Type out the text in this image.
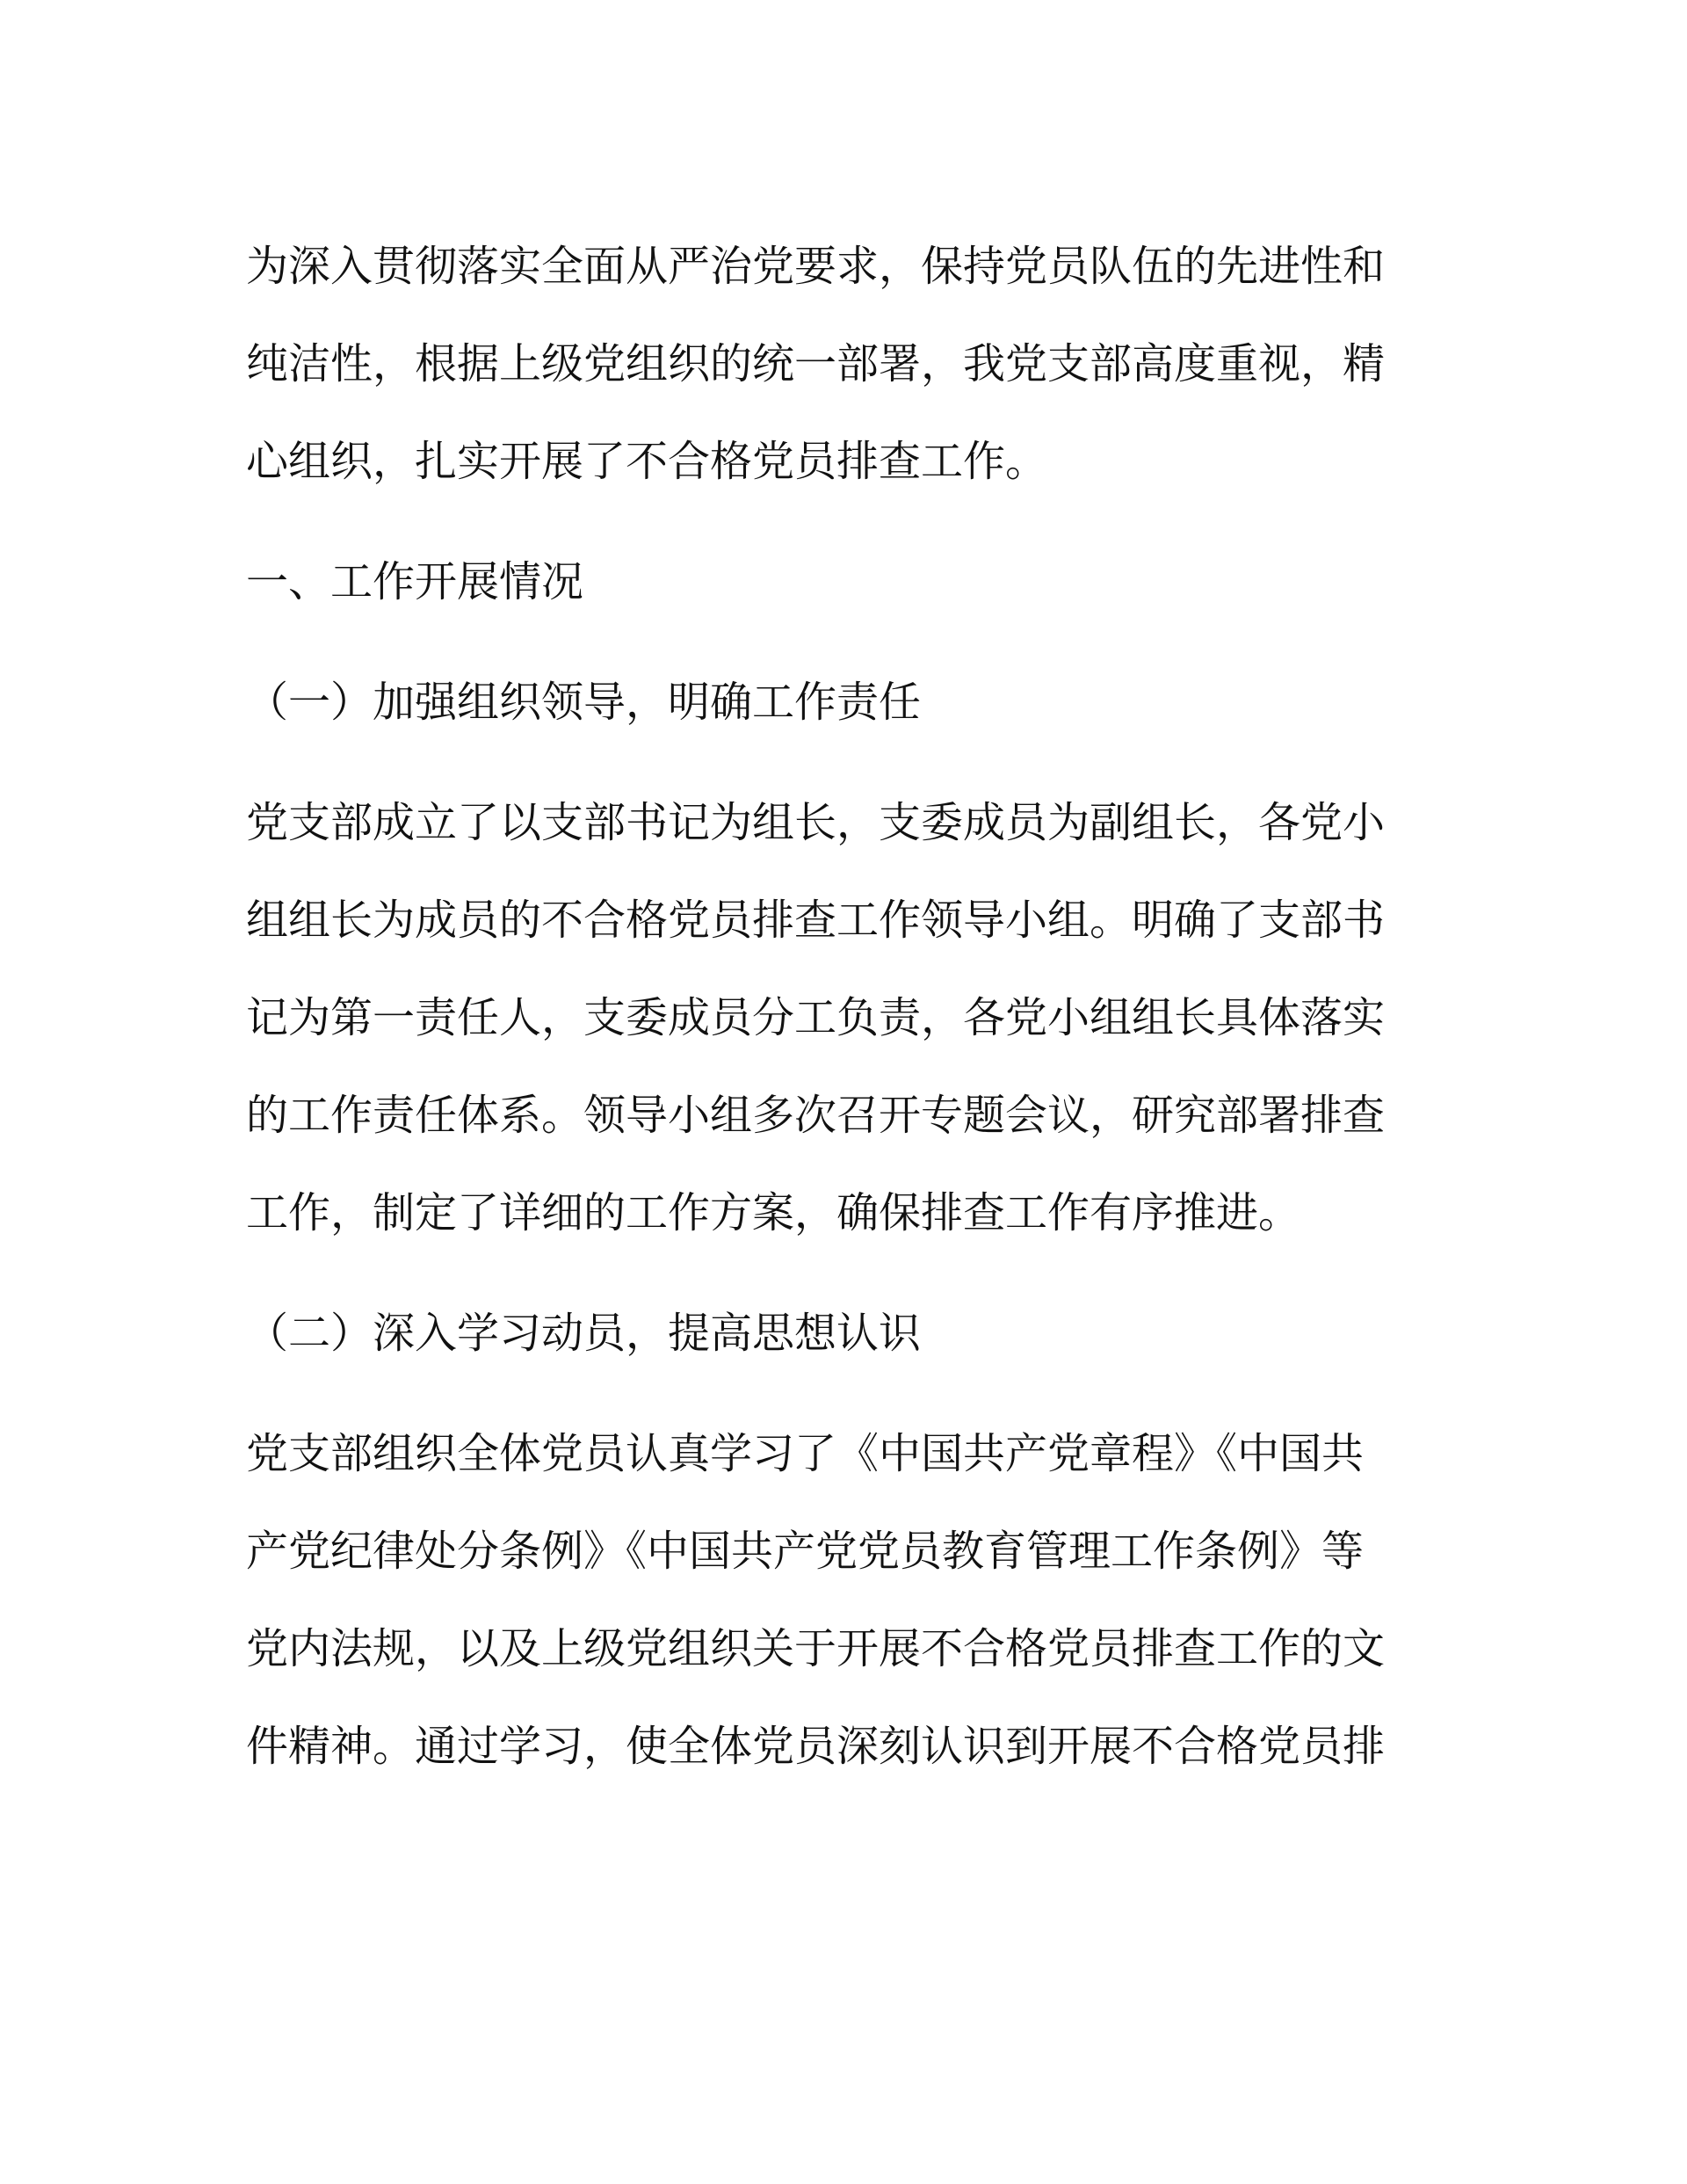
为深入贯彻落实全面从严治党要求，保持党员队伍的先进性和
纯洁性，根据上级党组织的统一部署，我党支部高度重视，精
心组织，扎实开展了不合格党员排查工作。
一、工作开展情况
（一）加强组织领导，明确工作责任
党支部成立了以支部书记为组长，支委成员为副组长，各党小
组组长为成员的不合格党员排查工作领导小组。明确了支部书
记为第一责任人，支委成员分工负责，各党小组组长具体落实
的工作责任体系。领导小组多次召开专题会议，研究部署排查
工作，制定了详细的工作方案，确保排查工作有序推进。
（二）深入学习动员，提高思想认识
党支部组织全体党员认真学习了《中国共产党章程》《中国共
产党纪律处分条例》《中国共产党党员教育管理工作条例》等
党内法规，以及上级党组织关于开展不合格党员排查工作的文
件精神。通过学习，使全体党员深刻认识到开展不合格党员排
